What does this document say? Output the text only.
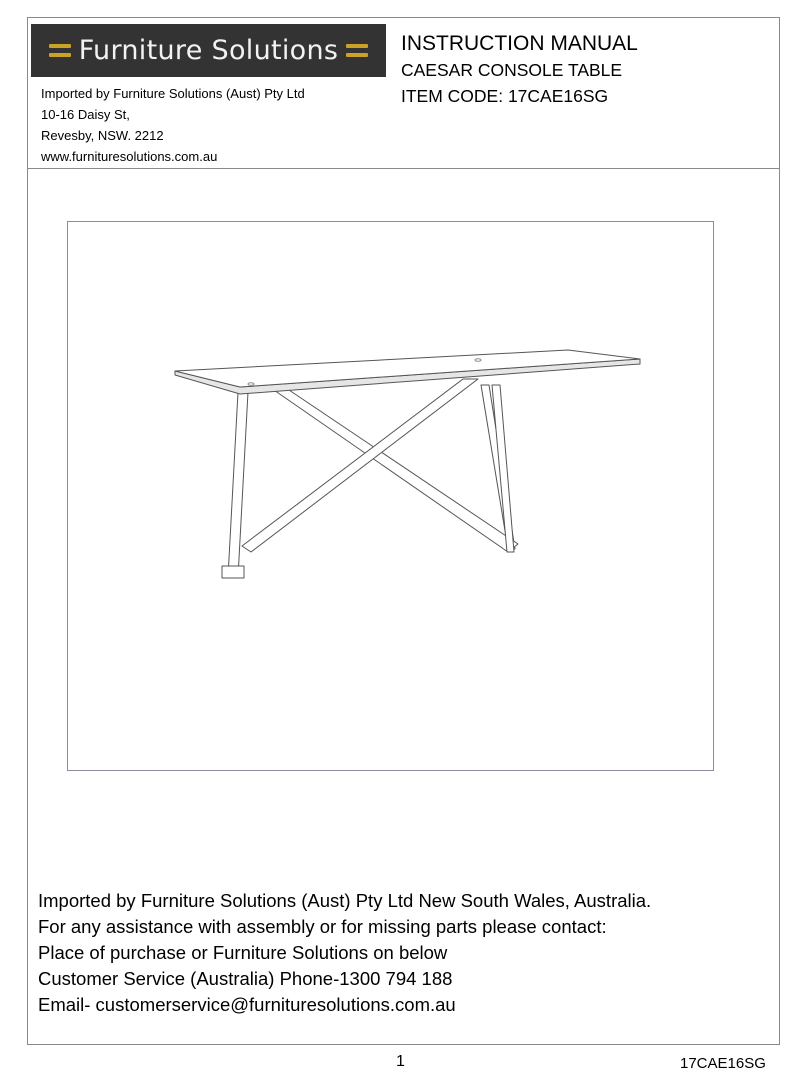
Furniture Solutions
Imported by Furniture Solutions (Aust) Pty Ltd
10-16 Daisy St,
Revesby, NSW. 2212
www.furnituresolutions.com.au
INSTRUCTION MANUAL
CAESAR CONSOLE TABLE
ITEM CODE: 17CAE16SG
Imported by Furniture Solutions (Aust) Pty Ltd New South Wales, Australia.
For any assistance with assembly or for missing parts please contact:
Place of purchase or Furniture Solutions on below
Customer Service (Australia) Phone-1300 794 188
Email- customerservice@furnituresolutions.com.au
1	17CAE16SG
